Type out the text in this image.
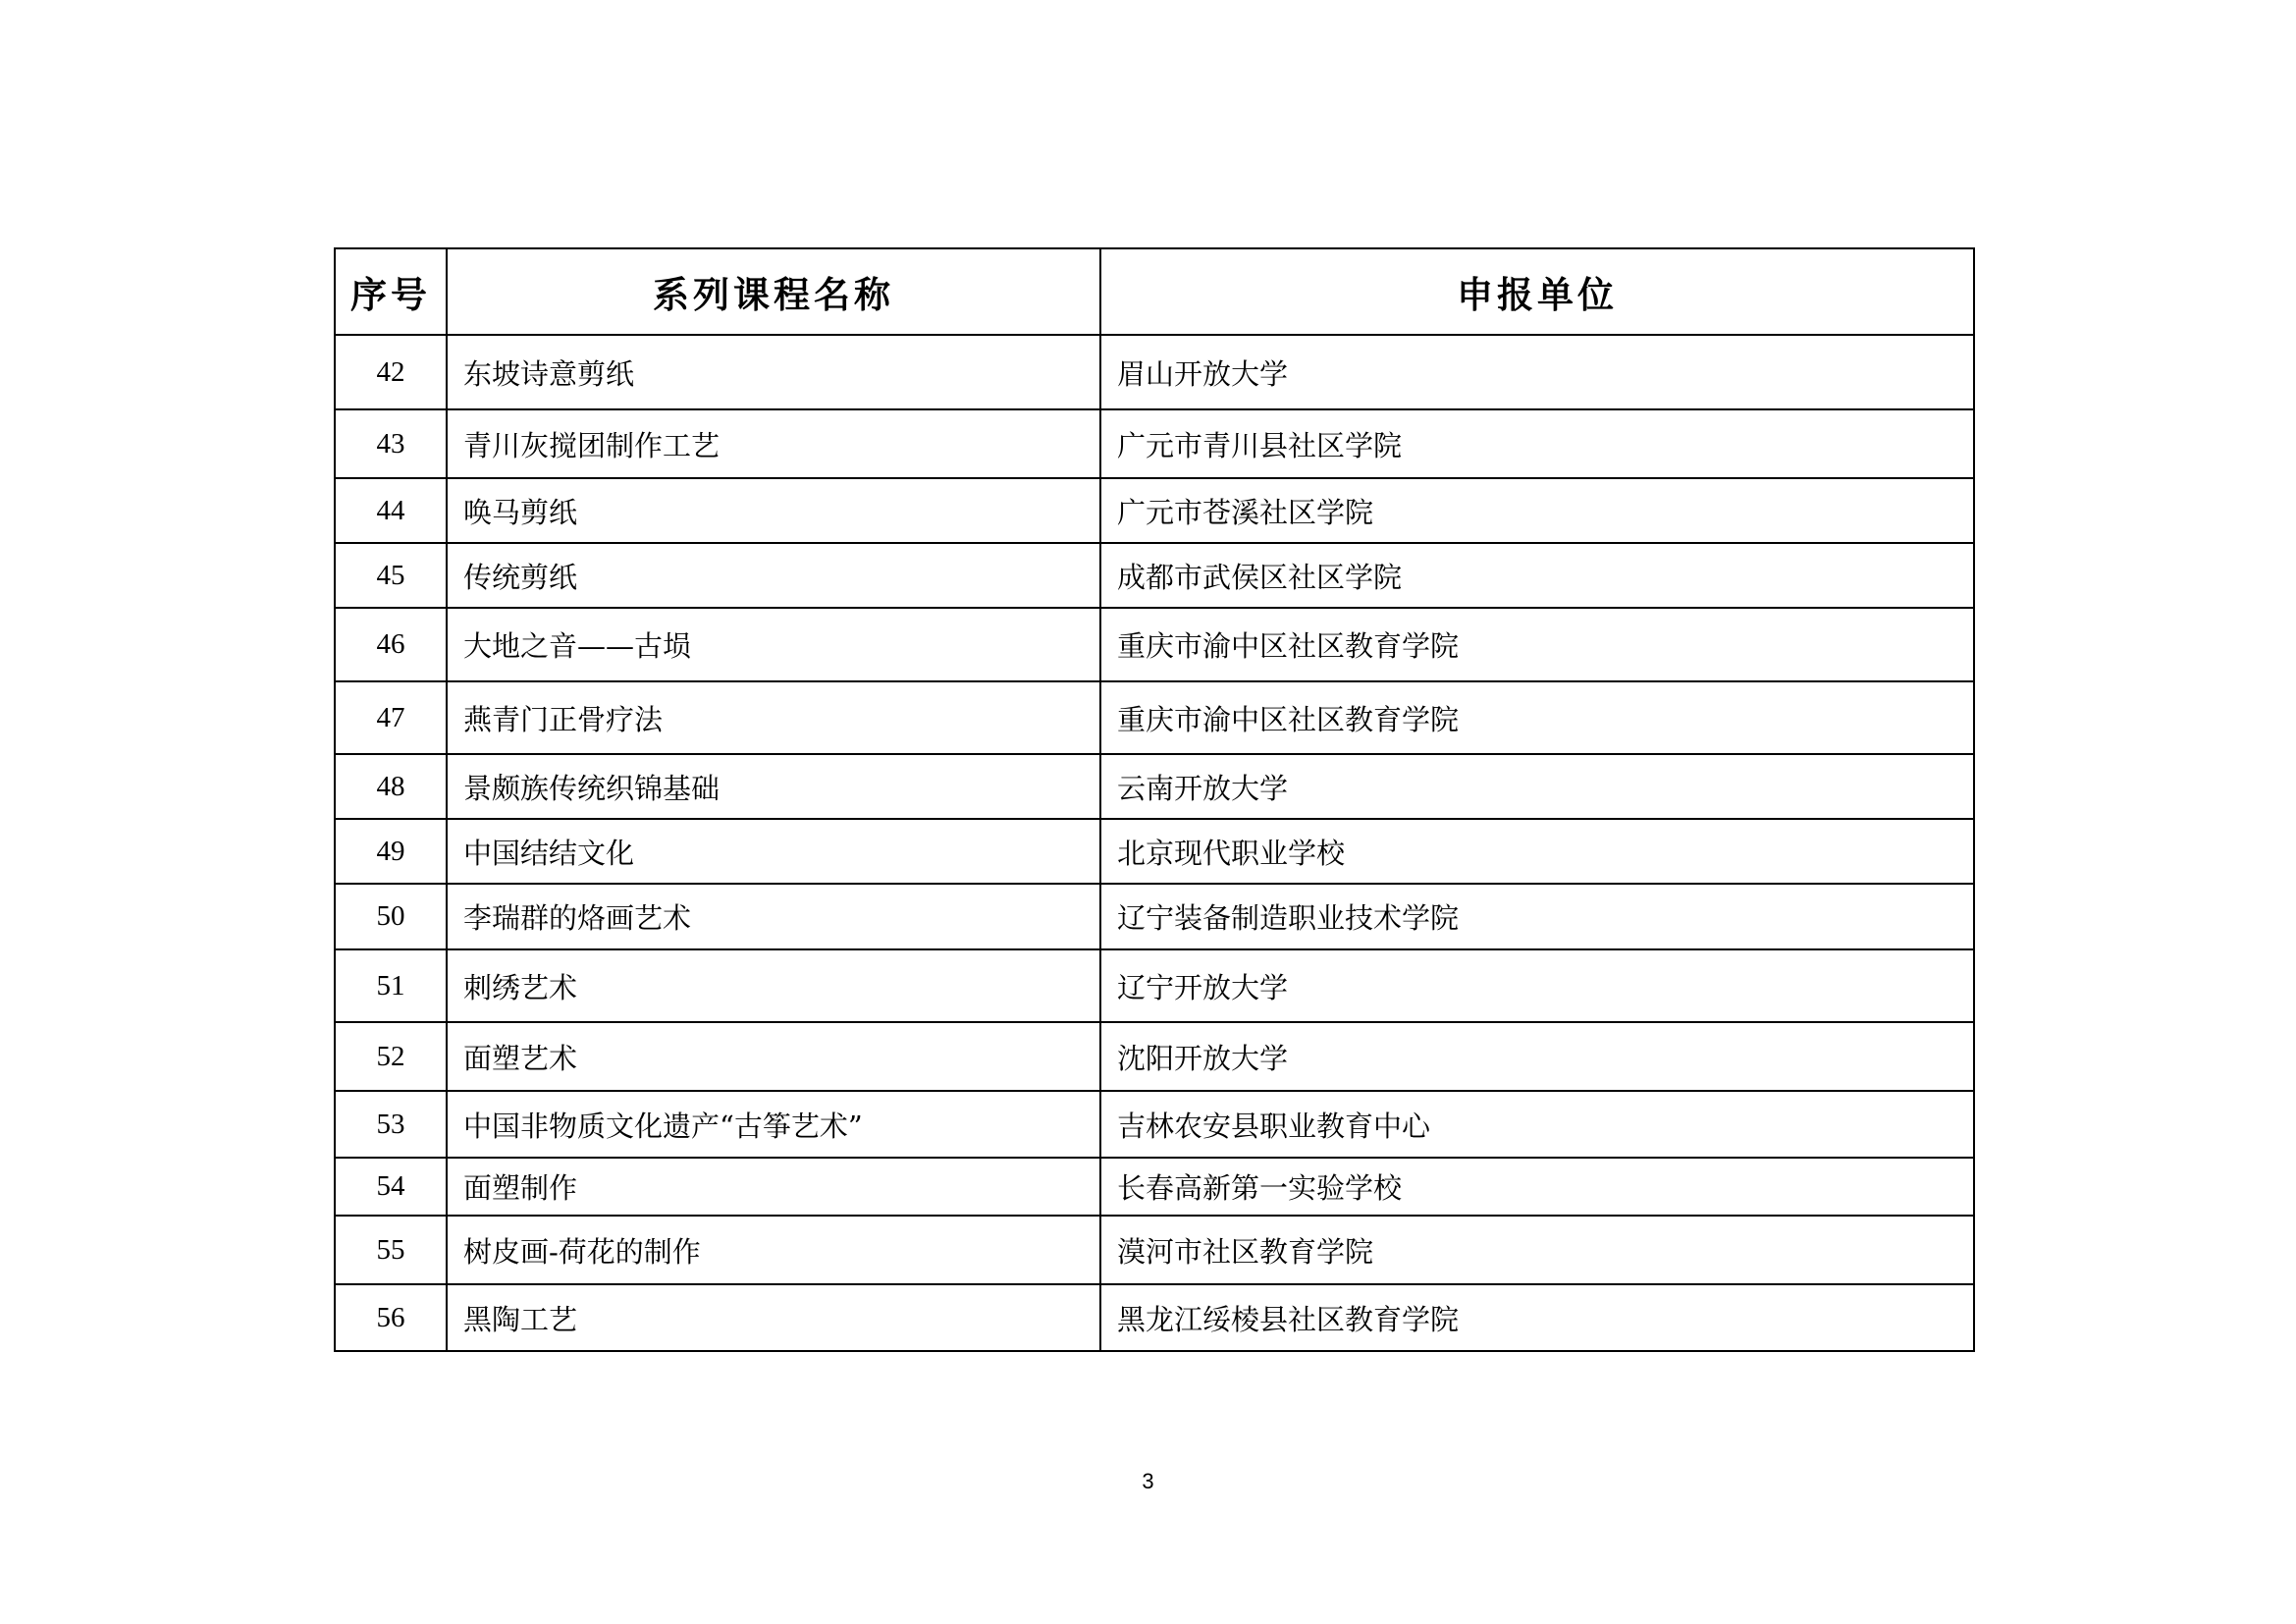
序号	系列课程名称	申报单位
42	东坡诗意剪纸	眉山开放大学
43	青川灰搅团制作工艺	广元市青川县社区学院
44	唤马剪纸	广元市苍溪社区学院
45	传统剪纸	成都市武侯区社区学院
46	大地之音——古埙	重庆市渝中区社区教育学院
47	燕青门正骨疗法	重庆市渝中区社区教育学院
48	景颇族传统织锦基础	云南开放大学
49	中国结结文化	北京现代职业学校
50	李瑞群的烙画艺术	辽宁装备制造职业技术学院
51	刺绣艺术	辽宁开放大学
52	面塑艺术	沈阳开放大学
53	中国非物质文化遗产“古筝艺术”	吉林农安县职业教育中心
54	面塑制作	长春高新第一实验学校
55	树皮画-荷花的制作	漠河市社区教育学院
56	黑陶工艺	黑龙江绥棱县社区教育学院
3
